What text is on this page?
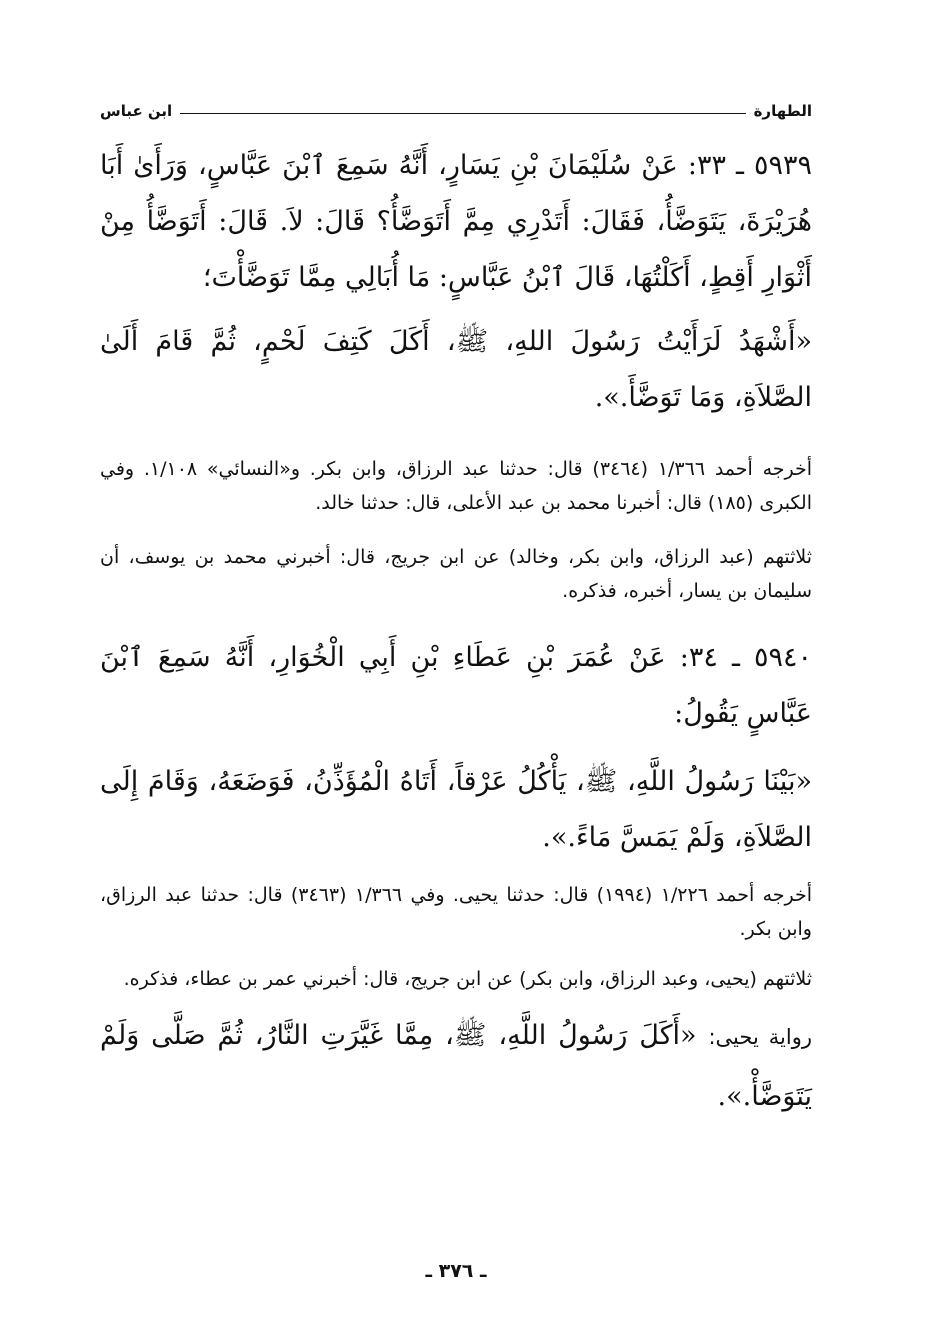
الطهارة
ابن عباس

٥٩٣٩ ـ ٣٣: عَنْ سُلَيْمَانَ بْنِ يَسَارٍ، أَنَّهُ سَمِعَ ٱبْنَ عَبَّاسٍ، وَرَأَىٰ أَبَا هُرَيْرَةَ، يَتَوَضَّأُ، فَقَالَ: أَتَدْرِي مِمَّ أَتَوَضَّأُ؟ قَالَ: لاَ. قَالَ: أَتَوَضَّأُ مِنْ أَثْوَارِ أَقِطٍ، أَكَلْتُهَا، قَالَ ٱبْنُ عَبَّاسٍ: مَا أُبَالِي مِمَّا تَوَضَّأْتَ؛

«أَشْهَدُ لَرَأَيْتُ رَسُولَ اللهِ، ﷺ، أَكَلَ كَتِفَ لَحْمٍ، ثُمَّ قَامَ أَلَىٰ الصَّلاَةِ، وَمَا تَوَضَّأَ.».

أخرجه أحمد ١/٣٦٦ (٣٤٦٤) قال: حدثنا عبد الرزاق، وابن بكر. و«النسائي» ١/١٠٨. وفي الكبرى (١٨٥) قال: أخبرنا محمد بن عبد الأعلى، قال: حدثنا خالد.

ثلاثتهم (عبد الرزاق، وابن بكر، وخالد) عن ابن جريج، قال: أخبرني محمد بن يوسف، أن سليمان بن يسار، أخبره، فذكره.

٥٩٤٠ ـ ٣٤: عَنْ عُمَرَ بْنِ عَطَاءِ بْنِ أَبِي الْخُوَارِ، أَنَّهُ سَمِعَ ٱبْنَ عَبَّاسٍ يَقُولُ:

«بَيْنَا رَسُولُ اللَّهِ، ﷺ، يَأْكُلُ عَرْقاً، أَتَاهُ الْمُؤَذِّنُ، فَوَضَعَهُ، وَقَامَ إِلَى الصَّلاَةِ، وَلَمْ يَمَسَّ مَاءً.».

أخرجه أحمد ١/٢٢٦ (١٩٩٤) قال: حدثنا يحيى. وفي ١/٣٦٦ (٣٤٦٣) قال: حدثنا عبد الرزاق، وابن بكر.

ثلاثتهم (يحيى، وعبد الرزاق، وابن بكر) عن ابن جريج، قال: أخبرني عمر بن عطاء، فذكره.

رواية يحيى: «أَكَلَ رَسُولُ اللَّهِ، ﷺ، مِمَّا غَيَّرَتِ النَّارُ، ثُمَّ صَلَّى وَلَمْ يَتَوَضَّأْ.».

ـ ٣٧٦ ـ
